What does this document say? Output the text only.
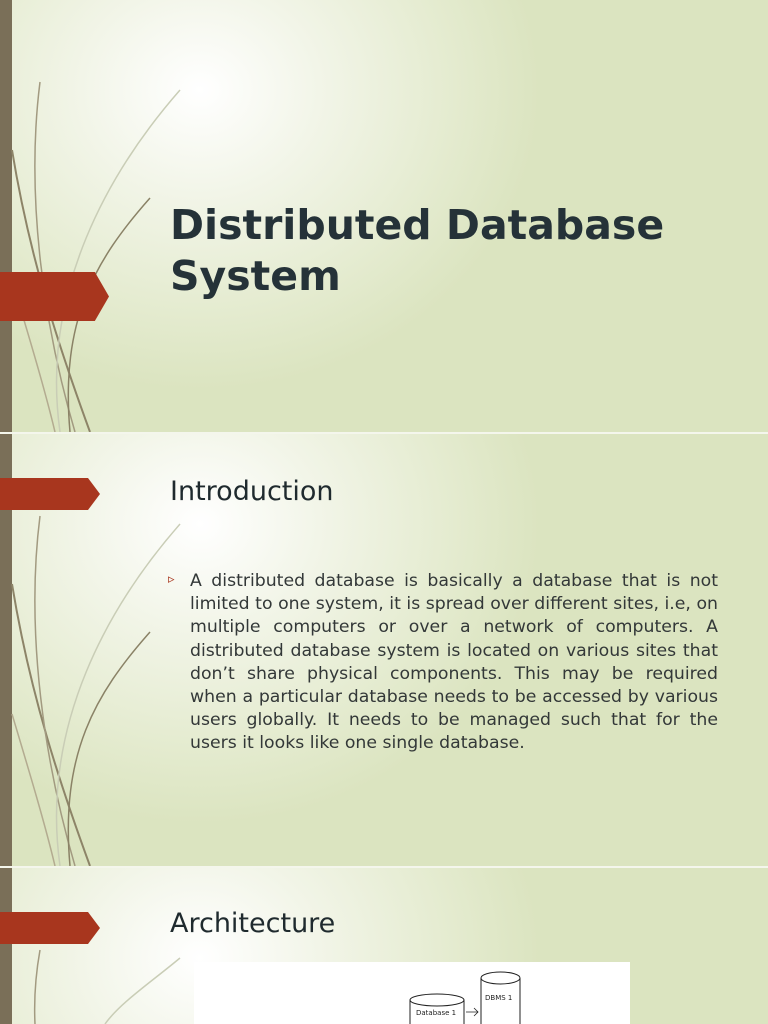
Distributed Database System
Introduction
▹ A distributed database is basically a database that is not limited to one system, it is spread over different sites, i.e, on multiple computers or over a network of computers. A distributed database system is located on various sites that don’t share physical components. This may be required when a particular database needs to be accessed by various users globally. It needs to be managed such that for the users it looks like one single database.

Architecture
Database 1
DBMS 1
